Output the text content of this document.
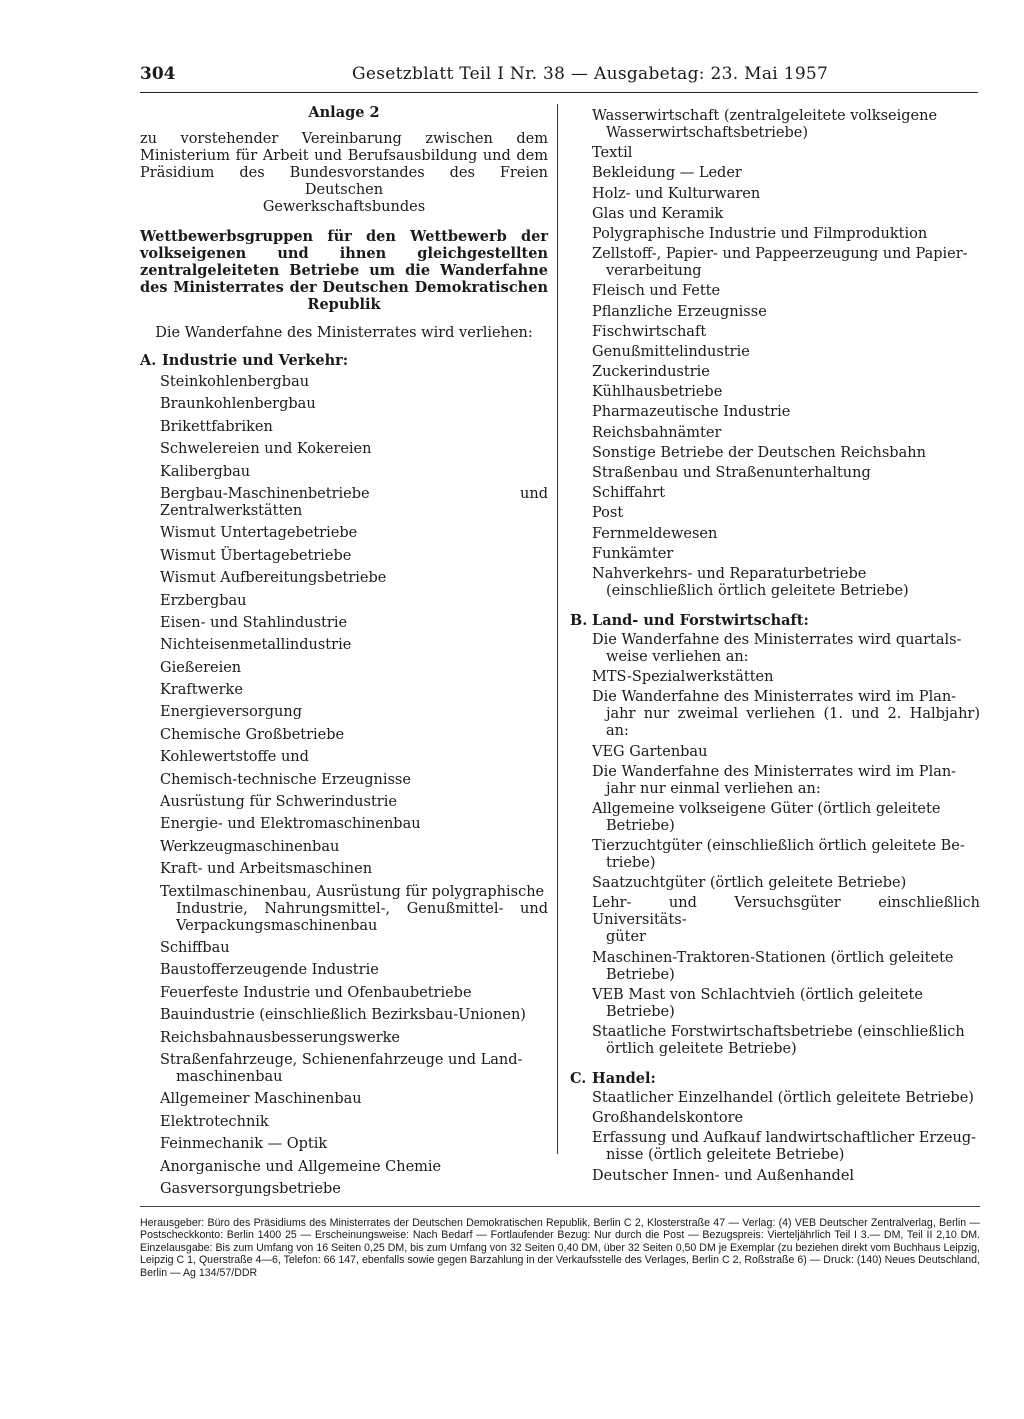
304	Gesetzblatt Teil I Nr. 38 — Ausgabetag: 23. Mai 1957
Anlage 2
zu vorstehender Vereinbarung zwischen dem Ministerium für Arbeit und Berufsausbildung und dem Präsidium des Bundesvorstandes des Freien Deutschen
Gewerkschaftsbundes
Wettbewerbsgruppen für den Wettbewerb der volkseigenen und ihnen gleichgestellten zentralgeleiteten Betriebe um die Wanderfahne des Ministerrates der Deutschen Demokratischen Republik
Die Wanderfahne des Ministerrates wird verliehen:
A. Industrie und Verkehr:
Steinkohlenbergbau
Braunkohlenbergbau
Brikettfabriken
Schwelereien und Kokereien
Kalibergbau
Bergbau-Maschinenbetriebe und Zentralwerkstätten
Wismut Untertagebetriebe
Wismut Übertagebetriebe
Wismut Aufbereitungsbetriebe
Erzbergbau
Eisen- und Stahlindustrie
Nichteisenmetallindustrie
Gießereien
Kraftwerke
Energieversorgung
Chemische Großbetriebe
Kohlewertstoffe und
Chemisch-technische Erzeugnisse
Ausrüstung für Schwerindustrie
Energie- und Elektromaschinenbau
Werkzeugmaschinenbau
Kraft- und Arbeitsmaschinen
Textilmaschinenbau, Ausrüstung für polygraphische
Industrie, Nahrungsmittel-, Genußmittel- und Verpackungsmaschinenbau
Schiffbau
Baustofferzeugende Industrie
Feuerfeste Industrie und Ofenbaubetriebe
Bauindustrie (einschließlich Bezirksbau-Unionen)
Reichsbahnausbesserungswerke
Straßenfahrzeuge, Schienenfahrzeuge und Land-
maschinenbau
Allgemeiner Maschinenbau
Elektrotechnik
Feinmechanik — Optik
Anorganische und Allgemeine Chemie
Gasversorgungsbetriebe
Wasserwirtschaft (zentralgeleitete volkseigene
Wasserwirtschaftsbetriebe)
Textil
Bekleidung — Leder
Holz- und Kulturwaren
Glas und Keramik
Polygraphische Industrie und Filmproduktion
Zellstoff-, Papier- und Pappeerzeugung und Papier-
verarbeitung
Fleisch und Fette
Pflanzliche Erzeugnisse
Fischwirtschaft
Genußmittelindustrie
Zuckerindustrie
Kühlhausbetriebe
Pharmazeutische Industrie
Reichsbahnämter
Sonstige Betriebe der Deutschen Reichsbahn
Straßenbau und Straßenunterhaltung
Schiffahrt
Post
Fernmeldewesen
Funkämter
Nahverkehrs- und Reparaturbetriebe
(einschließlich örtlich geleitete Betriebe)
B. Land- und Forstwirtschaft:
Die Wanderfahne des Ministerrates wird quartals-
weise verliehen an:
MTS-Spezialwerkstätten
Die Wanderfahne des Ministerrates wird im Plan-
jahr nur zweimal verliehen (1. und 2. Halbjahr) an:
VEG Gartenbau
Die Wanderfahne des Ministerrates wird im Plan-
jahr nur einmal verliehen an:
Allgemeine volkseigene Güter (örtlich geleitete
Betriebe)
Tierzuchtgüter (einschließlich örtlich geleitete Be-
triebe)
Saatzuchtgüter (örtlich geleitete Betriebe)
Lehr- und Versuchsgüter einschließlich Universitäts-
güter
Maschinen-Traktoren-Stationen (örtlich geleitete
Betriebe)
VEB Mast von Schlachtvieh (örtlich geleitete
Betriebe)
Staatliche Forstwirtschaftsbetriebe (einschließlich
örtlich geleitete Betriebe)
C. Handel:
Staatlicher Einzelhandel (örtlich geleitete Betriebe)
Großhandelskontore
Erfassung und Aufkauf landwirtschaftlicher Erzeug-
nisse (örtlich geleitete Betriebe)
Deutscher Innen- und Außenhandel
Herausgeber: Büro des Präsidiums des Ministerrates der Deutschen Demokratischen Republik, Berlin C 2, Klosterstraße 47 — Verlag: (4) VEB Deutscher Zentralverlag, Berlin — Postscheckkonto: Berlin 1400 25 — Erscheinungsweise: Nach Bedarf — Fortlaufender Bezug: Nur durch die Post — Bezugspreis: Vierteljährlich Teil I 3.— DM, Teil II 2,10 DM. Einzelausgabe: Bis zum Umfang von 16 Seiten 0,25 DM, bis zum Umfang von 32 Seiten 0,40 DM, über 32 Seiten 0,50 DM je Exemplar (zu beziehen direkt vom Buchhaus Leipzig, Leipzig C 1, Querstraße 4—6, Telefon: 66 147, ebenfalls sowie gegen Barzahlung in der Verkaufsstelle des Verlages, Berlin C 2, Roßstraße 6) — Druck: (140) Neues Deutschland, Berlin — Ag 134/57/DDR
